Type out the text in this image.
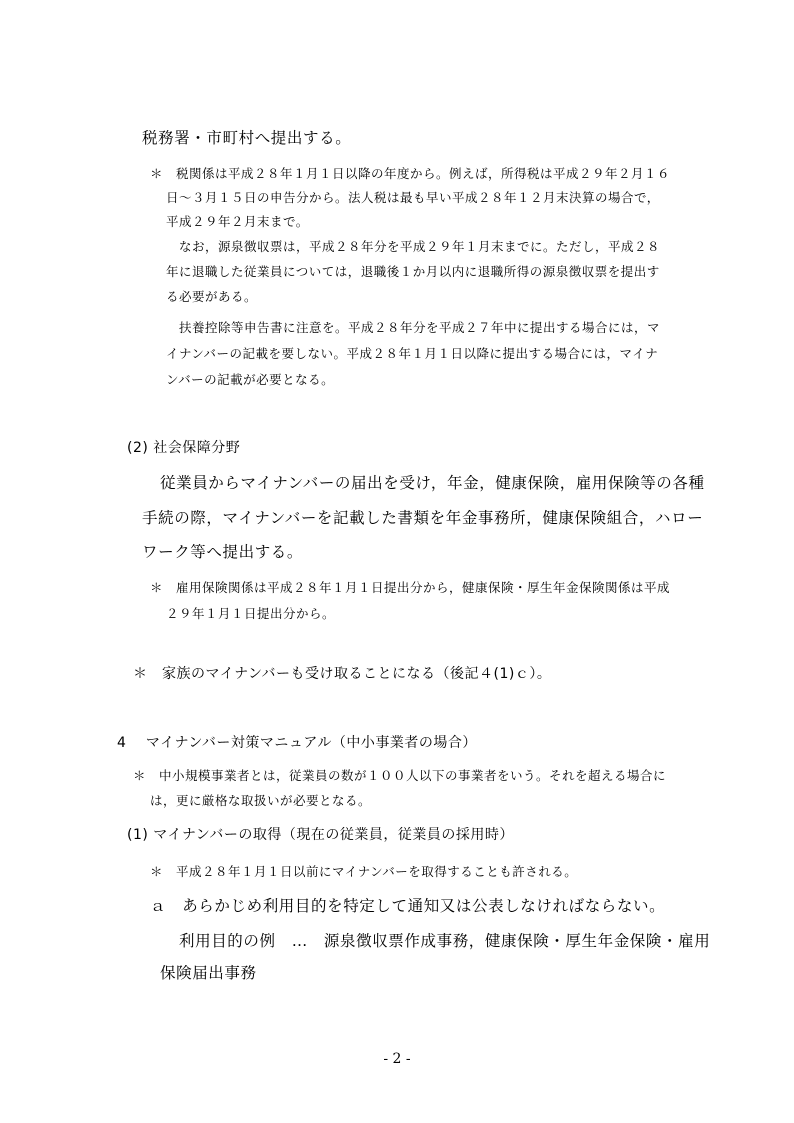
税務署・市町村へ提出する。
＊　税関係は平成２８年１月１日以降の年度から。例えば，所得税は平成２９年２月１６
日～３月１５日の申告分から。法人税は最も早い平成２８年１２月末決算の場合で，
平成２９年２月末まで。
なお，源泉徴収票は，平成２８年分を平成２９年１月末までに。ただし，平成２８
年に退職した従業員については，退職後１か月以内に退職所得の源泉徴収票を提出す
る必要がある。
扶養控除等申告書に注意を。平成２８年分を平成２７年中に提出する場合には，マ
イナンバーの記載を要しない。平成２８年１月１日以降に提出する場合には，マイナ
ンバーの記載が必要となる。
(2) 社会保障分野
従業員からマイナンバーの届出を受け，年金，健康保険，雇用保険等の各種
手続の際，マイナンバーを記載した書類を年金事務所，健康保険組合，ハロー
ワーク等へ提出する。
＊　雇用保険関係は平成２８年１月１日提出分から，健康保険・厚生年金保険関係は平成
２９年１月１日提出分から。
＊　家族のマイナンバーも受け取ることになる（後記４(1)ｃ）。
4　 マイナンバー対策マニュアル（中小事業者の場合）
＊　中小規模事業者とは，従業員の数が１００人以下の事業者をいう。それを超える場合に
は，更に厳格な取扱いが必要となる。
(1) マイナンバーの取得（現在の従業員，従業員の採用時）
＊　平成２８年１月１日以前にマイナンバーを取得することも許される。
ａ　あらかじめ利用目的を特定して通知又は公表しなければならない。
利用目的の例　…　源泉徴収票作成事務，健康保険・厚生年金保険・雇用
保険届出事務
- 2 -
